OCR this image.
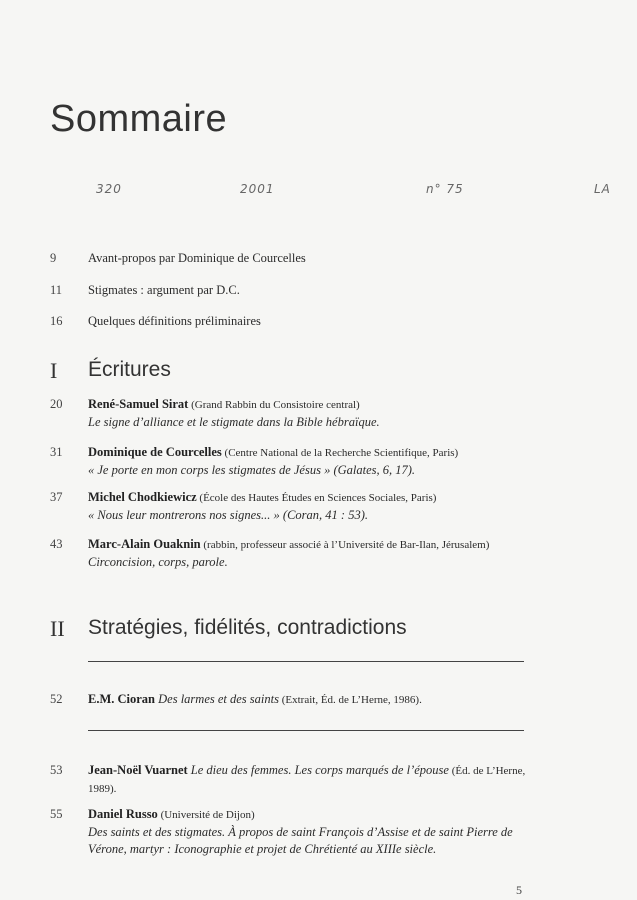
Sommaire
320	2001	n° 75	LA
9	Avant-propos par Dominique de Courcelles
11	Stigmates : argument par D.C.
16	Quelques définitions préliminaires
I Écritures
20	René-Samuel Sirat (Grand Rabbin du Consistoire central)
Le signe d’alliance et le stigmate dans la Bible hébraïque.
31	Dominique de Courcelles (Centre National de la Recherche Scientifique, Paris)
« Je porte en mon corps les stigmates de Jésus » (Galates, 6, 17).
37	Michel Chodkiewicz (École des Hautes Études en Sciences Sociales, Paris)
« Nous leur montrerons nos signes... » (Coran, 41 : 53).
43	Marc-Alain Ouaknin (rabbin, professeur associé à l’Université de Bar-Ilan, Jérusalem)
Circoncision, corps, parole.
II Stratégies, fidélités, contradictions
52	E.M. Cioran Des larmes et des saints (Extrait, Éd. de L’Herne, 1986).
53	Jean-Noël Vuarnet Le dieu des femmes. Les corps marqués de l’épouse (Éd. de L’Herne, 1989).
55	Daniel Russo (Université de Dijon)
Des saints et des stigmates. À propos de saint François d’Assise et de saint Pierre de Vérone, martyr : Iconographie et projet de Chrétienté au XIIIe siècle.
5
